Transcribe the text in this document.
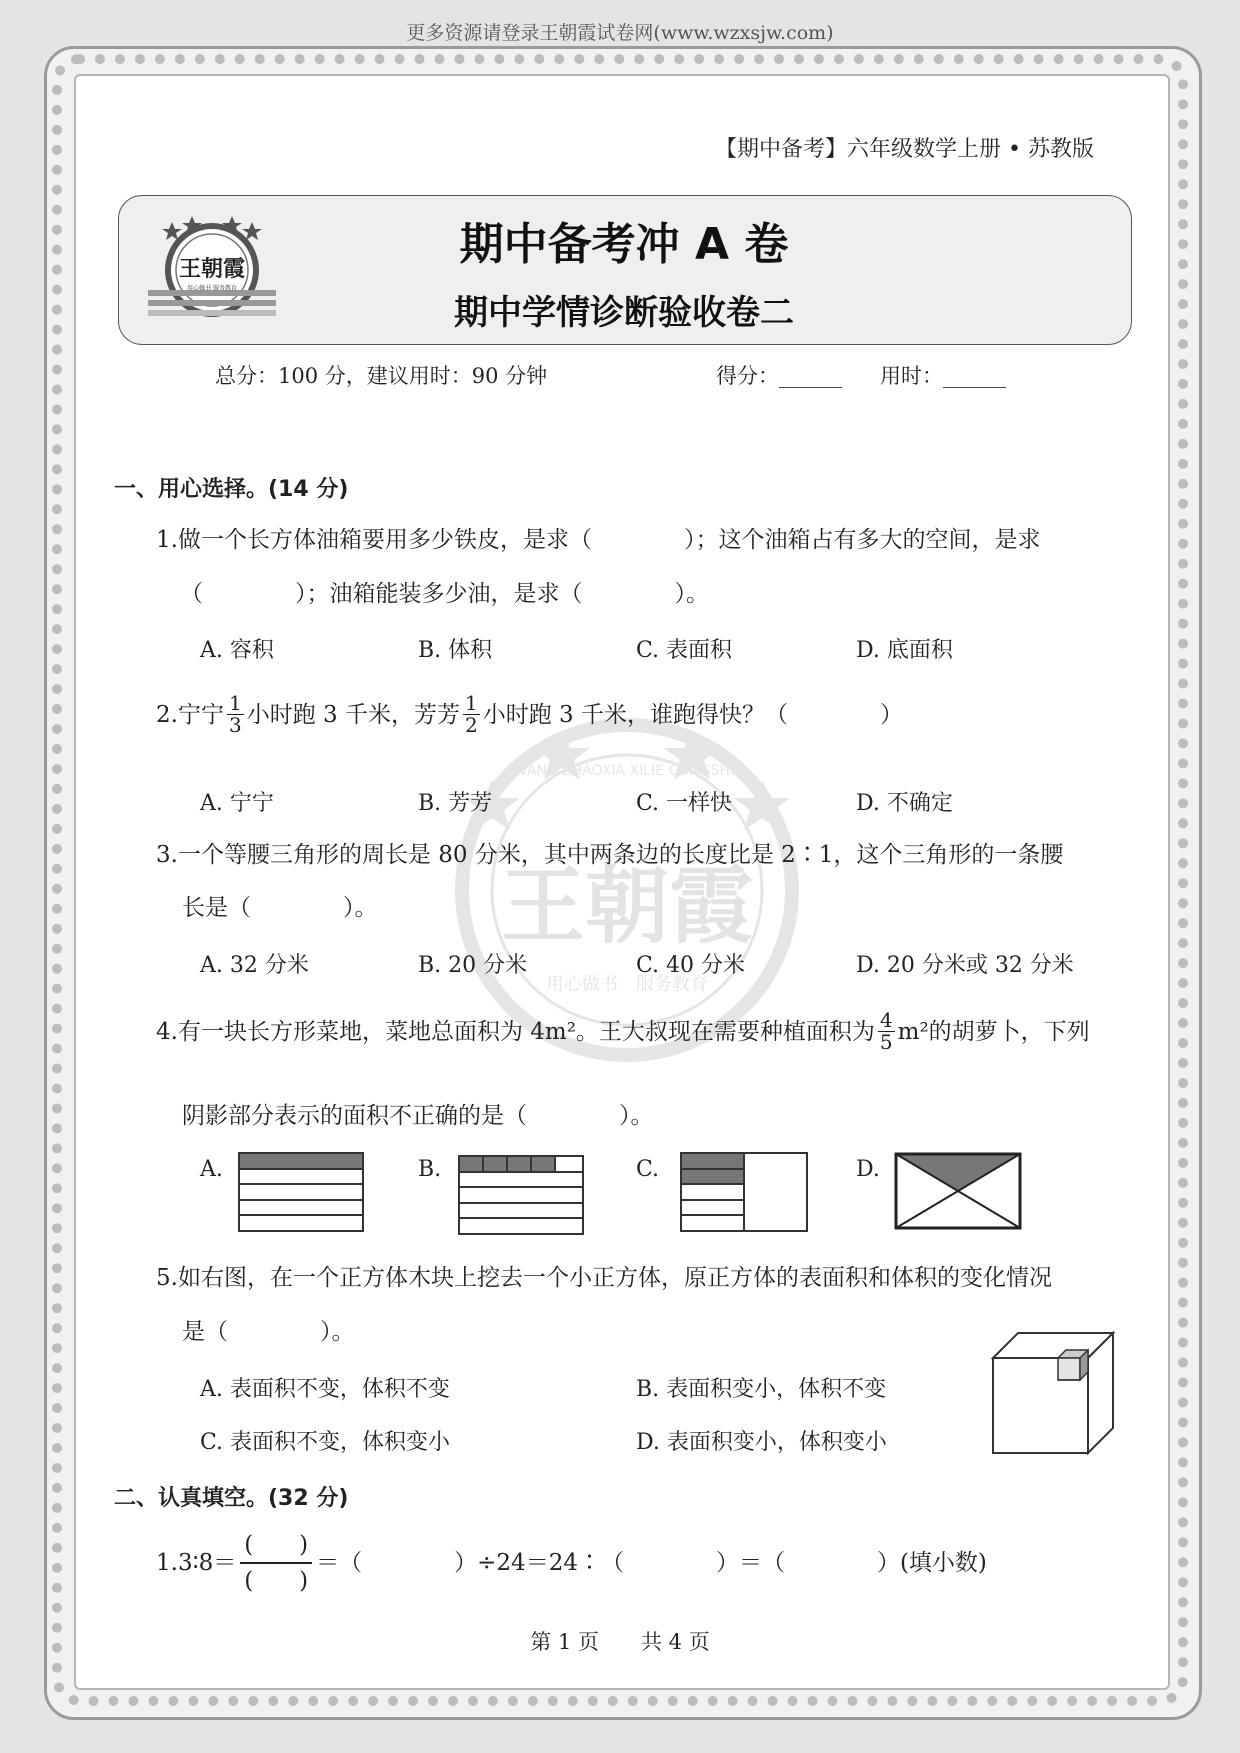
更多资源请登录王朝霞试卷网(www.wzxsjw.com)
WANG ZHAOXIA XILIE CONGSHU
王朝霞
用心做书　服务教育
【期中备考】六年级数学上册 • 苏教版
王朝霞
用心做书 服务教育
期中备考冲 A 卷
期中学情诊断验收卷二
总分：100 分，建议用时：90 分钟	得分：______ 用时：______
一、用心选择。(14 分)
1.做一个长方体油箱要用多少铁皮，是求（　　　　）；这个油箱占有多大的空间，是求
（　　　　）；油箱能装多少油，是求（　　　　）。
A. 容积	B. 体积	C. 表面积	D. 底面积
2.宁宁 $\frac{1}{3}$ 小时跑 3 千米，芳芳 $\frac{1}{2}$ 小时跑 3 千米，谁跑得快？（　　　　）
A. 宁宁	B. 芳芳	C. 一样快	D. 不确定
3.一个等腰三角形的周长是 80 分米，其中两条边的长度比是 2∶1，这个三角形的一条腰
长是（　　　　）。
A. 32 分米	B. 20 分米	C. 40 分米	D. 20 分米或 32 分米
4.有一块长方形菜地，菜地总面积为 4m²。王大叔现在需要种植面积为 $\frac{4}{5} m^2$的胡萝卜，下列
阴影部分表示的面积不正确的是（　　　　）。
A.	B.	C.	D.
5.如右图，在一个正方体木块上挖去一个小正方体，原正方体的表面积和体积的变化情况
是（　　　　）。
A. 表面积不变，体积不变	B. 表面积变小，体积不变
C. 表面积不变，体积变小	D. 表面积变小，体积变小
二、认真填空。(32 分)
1.3∶8＝
(　　)
(　　)
＝（　　　　）÷24＝24∶（　　　　）＝（　　　　）(填小数)
第 1 页　　共 4 页
